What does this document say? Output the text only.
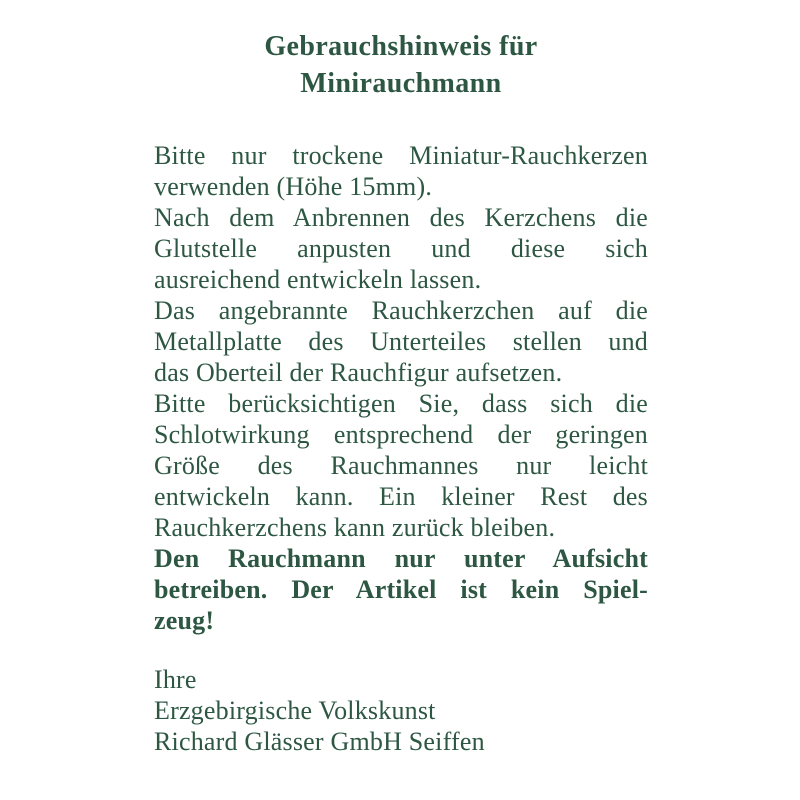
Gebrauchshinweis für
Minirauchmann
Bitte nur trockene Miniatur-Rauchkerzen
verwenden (Höhe 15mm).
Nach dem Anbrennen des Kerzchens die
Glutstelle anpusten und diese sich
ausreichend entwickeln lassen.
Das angebrannte Rauchkerzchen auf die
Metallplatte des Unterteiles stellen und
das Oberteil der Rauchfigur aufsetzen.
Bitte berücksichtigen Sie, dass sich die
Schlotwirkung entsprechend der geringen
Größe des Rauchmannes nur leicht
entwickeln kann. Ein kleiner Rest des
Rauchkerzchens kann zurück bleiben.
Den Rauchmann nur unter Aufsicht
betreiben. Der Artikel ist kein Spiel-
zeug!
Ihre
Erzgebirgische Volkskunst
Richard Glässer GmbH Seiffen
